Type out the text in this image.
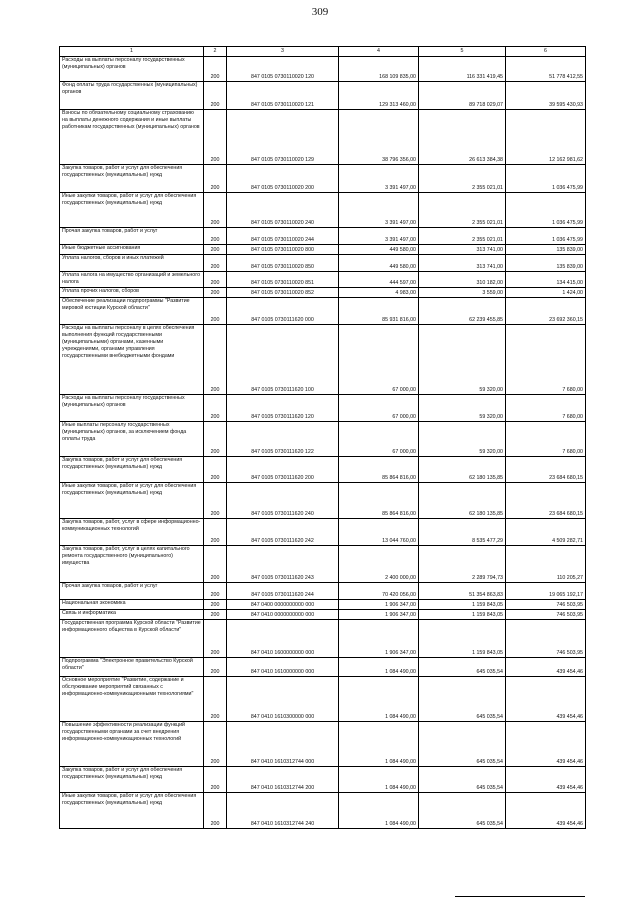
309
1	2	3	4	5	6
Расходы на выплаты персоналу государственных (муниципальных) органов	200	847 0105 0730110020 120	168 109 835,00	116 331 419,45	51 778 412,55
Фонд оплаты труда государственных (муниципальных) органов	200	847 0105 0730110020 121	129 313 460,00	89 718 029,07	39 595 430,93
Взносы по обязательному социальному страхованию на выплаты денежного содержания и иные выплаты работникам государственных (муниципальных) органов	200	847 0105 0730110020 129	38 796 356,00	26 613 384,38	12 162 981,62
Закупка товаров, работ и услуг для обеспечения государственных (муниципальных) нужд	200	847 0105 0730110020 200	3 391 497,00	2 355 021,01	1 036 475,99
Иные закупки товаров, работ и услуг для обеспечения государственных (муниципальных) нужд	200	847 0105 0730110020 240	3 391 497,00	2 355 021,01	1 036 475,99
Прочая закупка товаров, работ и услуг	200	847 0105 0730110020 244	3 391 497,00	2 355 021,01	1 036 475,99
Иные бюджетные ассигнования	200	847 0105 0730110020 800	449 580,00	313 741,00	135 839,00
Уплата налогов, сборов и иных платежей	200	847 0105 0730110020 850	449 580,00	313 741,00	135 839,00
Уплата налога на имущество организаций и земельного налога	200	847 0105 0730110020 851	444 597,00	310 182,00	134 415,00
Уплата прочих налогов, сборов	200	847 0105 0730110020 852	4 983,00	3 559,00	1 424,00
Обеспечение реализации подпрограммы "Развитие мировой юстиции Курской области"	200	847 0105 0730111620 000	85 931 816,00	62 239 455,85	23 692 360,15
Расходы на выплаты персоналу в целях обеспечения выполнения функций государственными (муниципальными) органами, казенными учреждениями, органами управления государственными внебюджетными фондами	200	847 0105 0730111620 100	67 000,00	59 320,00	7 680,00
Расходы на выплаты персоналу государственных (муниципальных) органов	200	847 0105 0730111620 120	67 000,00	59 320,00	7 680,00
Иные выплаты персоналу государственных (муниципальных) органов, за исключением фонда оплаты труда	200	847 0105 0730111620 122	67 000,00	59 320,00	7 680,00
Закупка товаров, работ и услуг для обеспечения государственных (муниципальных) нужд	200	847 0105 0730111620 200	85 864 816,00	62 180 135,85	23 684 680,15
Иные закупки товаров, работ и услуг для обеспечения государственных (муниципальных) нужд	200	847 0105 0730111620 240	85 864 816,00	62 180 135,85	23 684 680,15
Закупка товаров, работ, услуг в сфере информационно-коммуникационных технологий	200	847 0105 0730111620 242	13 044 760,00	8 535 477,29	4 509 282,71
Закупка товаров, работ, услуг в целях капитального ремонта государственного (муниципального) имущества	200	847 0105 0730111620 243	2 400 000,00	2 289 794,73	110 205,27
Прочая закупка товаров, работ и услуг	200	847 0105 0730111620 244	70 420 056,00	51 354 863,83	19 065 192,17
Национальная экономика	200	847 0400 0000000000 000	1 906 347,00	1 159 843,05	746 503,95
Связь и информатика	200	847 0410 0000000000 000	1 906 347,00	1 159 843,05	746 503,95
Государственная программа Курской области "Развитие информационного общества в Курской области"	200	847 0410 1600000000 000	1 906 347,00	1 159 843,05	746 503,95
Подпрограмма "Электронное правительство Курской области"	200	847 0410 1610000000 000	1 084 490,00	645 035,54	439 454,46
Основное мероприятие "Развитие, содержание и обслуживание мероприятий связанных с информационно-коммуникационными технологиями"	200	847 0410 1610300000 000	1 084 490,00	645 035,54	439 454,46
Повышение эффективности реализации функций государственными органами за счет внедрения информационно-коммуникационных технологий	200	847 0410 1610312744 000	1 084 490,00	645 035,54	439 454,46
Закупка товаров, работ и услуг для обеспечения государственных (муниципальных) нужд	200	847 0410 1610312744 200	1 084 490,00	645 035,54	439 454,46
Иные закупки товаров, работ и услуг для обеспечения государственных (муниципальных) нужд	200	847 0410 1610312744 240	1 084 490,00	645 035,54	439 454,46
